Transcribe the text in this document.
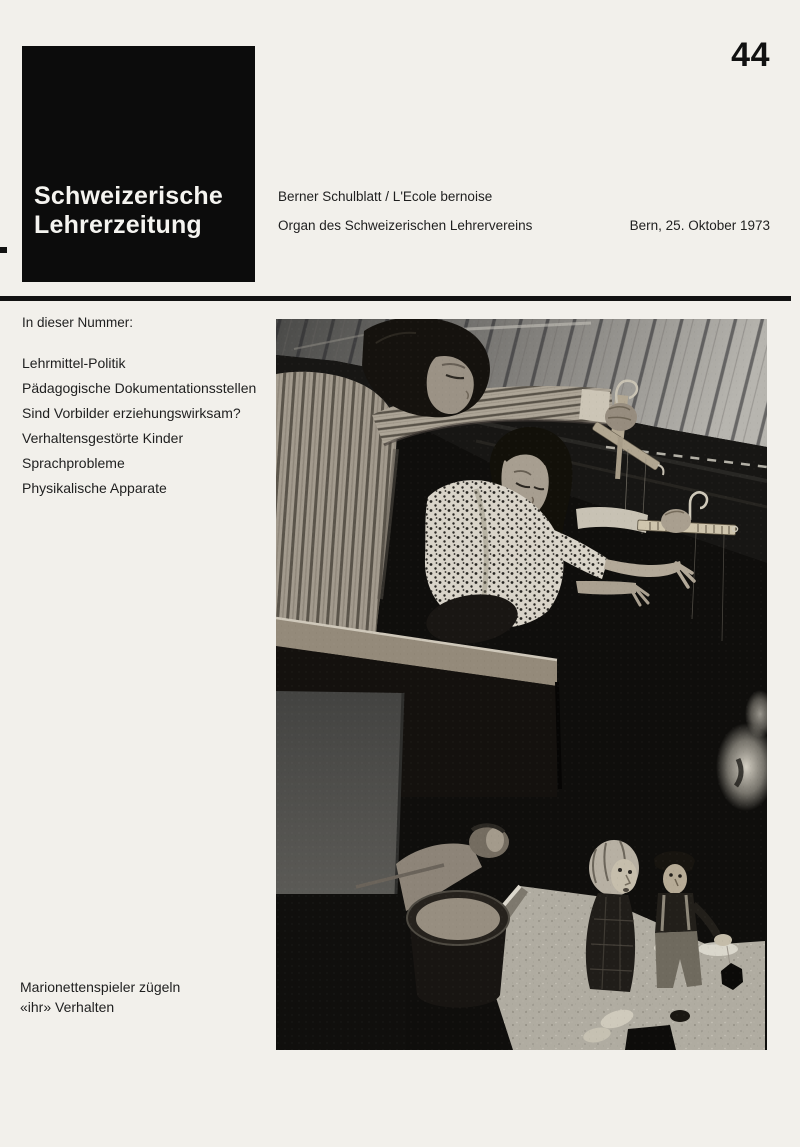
Schweizerische
Lehrerzeitung
44
Berner Schulblatt / L'Ecole bernoise
Organ des Schweizerischen Lehrervereins	Bern, 25. Oktober 1973

In dieser Nummer:

Lehrmittel-Politik

Pädagogische Dokumentationsstellen

Sind Vorbilder erziehungswirksam?

Verhaltensgestörte Kinder

Sprachprobleme

Physikalische Apparate

Marionettenspieler zügeln
«ihr» Verhalten
